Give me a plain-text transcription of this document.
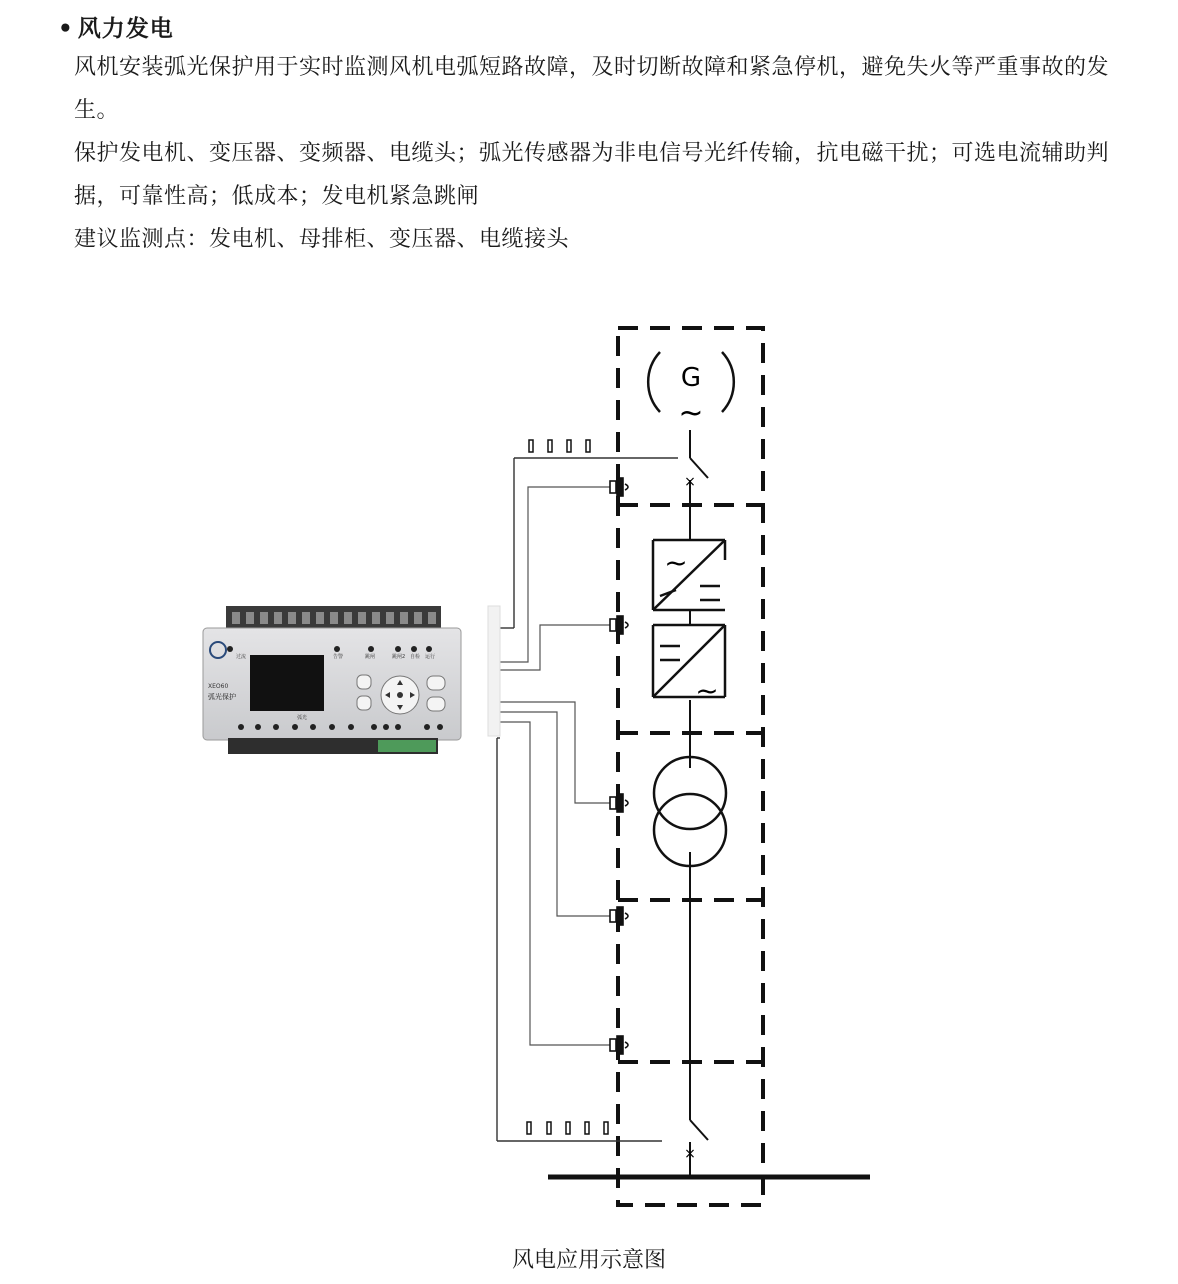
• 风力发电
风机安装弧光保护用于实时监测风机电弧短路故障，及时切断故障和紧急停机，避免失火等严重事故的发生。
保护发电机、变压器、变频器、电缆头；弧光传感器为非电信号光纤传输，抗电磁干扰；可选电流辅助判据，可靠性高；低成本；发电机紧急跳闸
建议监测点：发电机、母排柜、变压器、电缆接头
G
~
×
×
~
~
XEO60
弧光保护
过流	告警	跳闸	跳闸2 自检 运行
弧光
风电应用示意图
